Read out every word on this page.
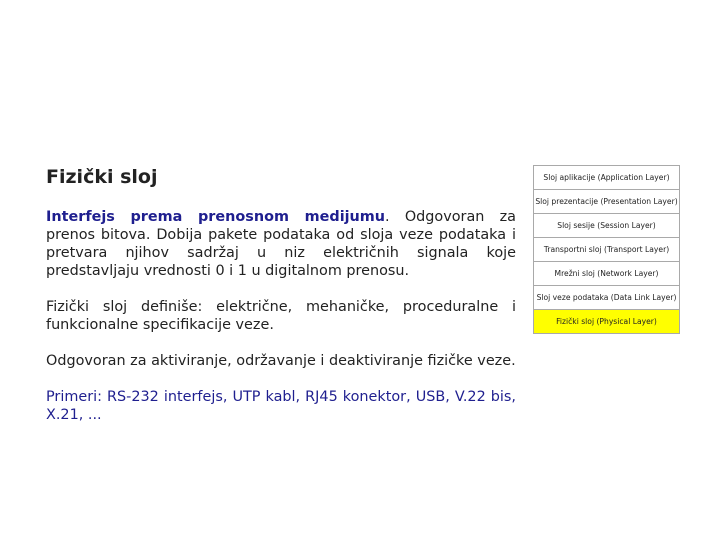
Fizički sloj

Interfejs prema prenosnom medijumu. Odgovoran za prenos bitova. Dobija pakete podataka od sloja veze podataka i pretvara njihov sadržaj u niz električnih signala koje predstavljaju vrednosti 0 i 1 u digitalnom prenosu.

Fizički sloj definiše: električne, mehaničke, proceduralne i funkcionalne specifikacije veze.

Odgovoran za aktiviranje, održavanje i deaktiviranje fizičke veze.

Primeri: RS-232 interfejs, UTP kabl, RJ45 konektor, USB, V.22 bis, X.21, ...

Sloj aplikacije (Application Layer)
Sloj prezentacije (Presentation Layer)
Sloj sesije (Session Layer)
Transportni sloj (Transport Layer)
Mrežni sloj (Network Layer)
Sloj veze podataka (Data Link Layer)
Fizički sloj (Physical Layer)
